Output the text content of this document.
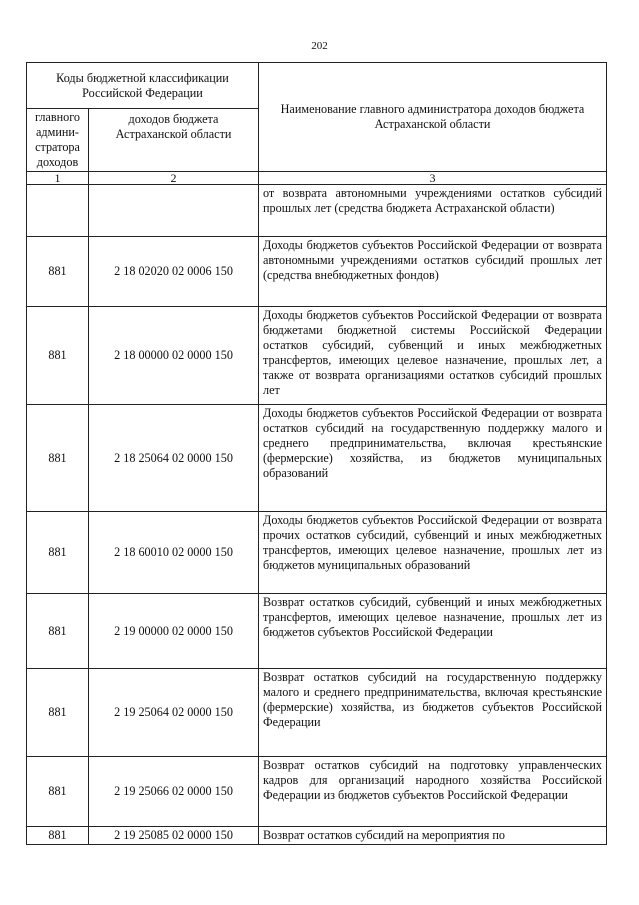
202
Коды бюджетной классификации Российской Федерации		Наименование главного администратора доходов бюджета Астраханской области
главного админи-стратора доходов	доходов бюджета Астраханской области	
1	2	3
		от возврата автономными учреждениями остатков субсидий прошлых лет (средства бюджета Астраханской области)
881	2 18 02020 02 0006 150	Доходы бюджетов субъектов Российской Федерации от возврата автономными учреждениями остатков субсидий прошлых лет (средства внебюджетных фондов)
881	2 18 00000 02 0000 150	Доходы бюджетов субъектов Российской Федерации от возврата бюджетами бюджетной системы Российской Федерации остатков субсидий, субвенций и иных межбюджетных трансфертов, имеющих целевое назначение, прошлых лет, а также от возврата организациями остатков субсидий прошлых лет
881	2 18 25064 02 0000 150	Доходы бюджетов субъектов Российской Федерации от возврата остатков субсидий на государственную поддержку малого и среднего предпринимательства, включая крестьянские (фермерские) хозяйства, из бюджетов муниципальных образований
881	2 18 60010 02 0000 150	Доходы бюджетов субъектов Российской Федерации от возврата прочих остатков субсидий, субвенций и иных межбюджетных трансфертов, имеющих целевое назначение, прошлых лет из бюджетов муниципальных образований
881	2 19 00000 02 0000 150	Возврат остатков субсидий, субвенций и иных межбюджетных трансфертов, имеющих целевое назначение, прошлых лет из бюджетов субъектов Российской Федерации
881	2 19 25064 02 0000 150	Возврат остатков субсидий на государственную поддержку малого и среднего предпринимательства, включая крестьянские (фермерские) хозяйства, из бюджетов субъектов Российской Федерации
881	2 19 25066 02 0000 150	Возврат остатков субсидий на подготовку управленческих кадров для организаций народного хозяйства Российской Федерации из бюджетов субъектов Российской Федерации
881	2 19 25085 02 0000 150	Возврат остатков субсидий на мероприятия по
